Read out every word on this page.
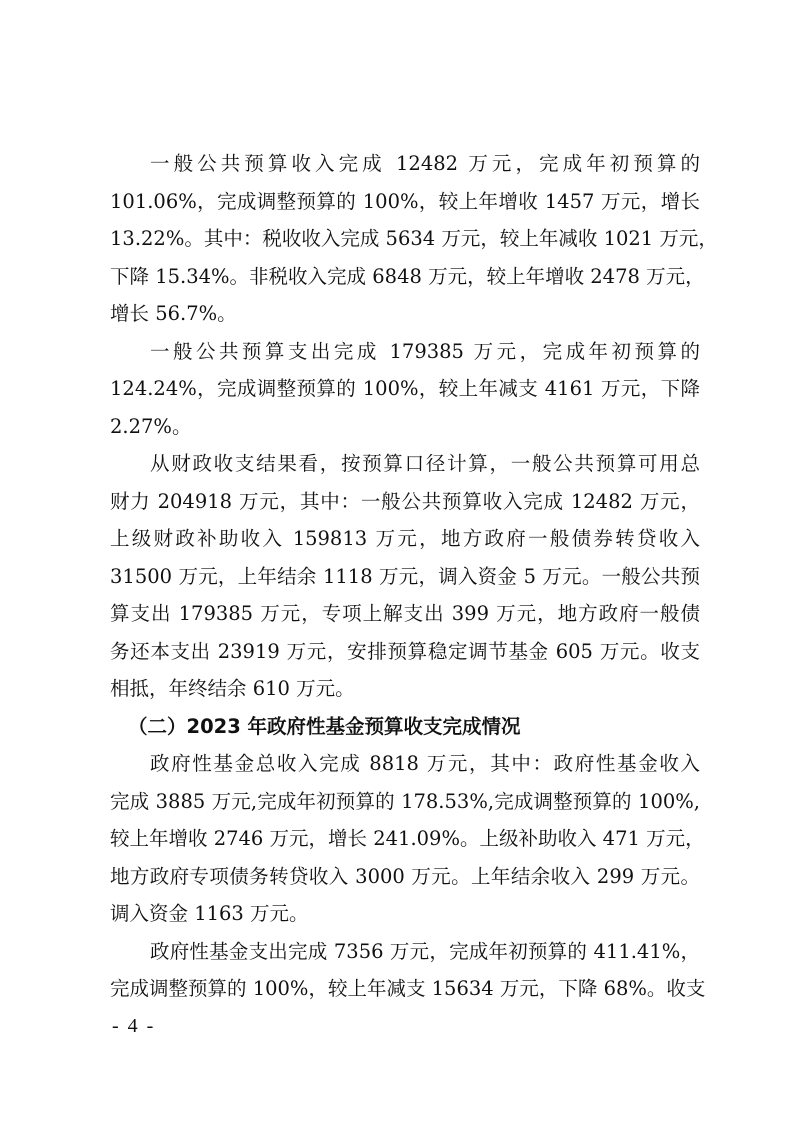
一般公共预算收入完成 12482 万元，完成年初预算的
101.06%，完成调整预算的 100%，较上年增收 1457 万元，增长
13.22%。其中：税收收入完成 5634 万元，较上年减收 1021 万元，
下降 15.34%。非税收入完成 6848 万元，较上年增收 2478 万元，
增长 56.7%。
一般公共预算支出完成 179385 万元，完成年初预算的
124.24%，完成调整预算的 100%，较上年减支 4161 万元，下降
2.27%。
从财政收支结果看，按预算口径计算，一般公共预算可用总
财力 204918 万元，其中：一般公共预算收入完成 12482 万元，
上级财政补助收入 159813 万元，地方政府一般债券转贷收入
31500 万元，上年结余 1118 万元，调入资金 5 万元。一般公共预
算支出 179385 万元，专项上解支出 399 万元，地方政府一般债
务还本支出 23919 万元，安排预算稳定调节基金 605 万元。收支
相抵，年终结余 610 万元。
（二）2023 年政府性基金预算收支完成情况
政府性基金总收入完成 8818 万元，其中：政府性基金收入
完成 3885 万元,完成年初预算的 178.53%,完成调整预算的 100%,
较上年增收 2746 万元，增长 241.09%。上级补助收入 471 万元，
地方政府专项债务转贷收入 3000 万元。上年结余收入 299 万元。
调入资金 1163 万元。
政府性基金支出完成 7356 万元，完成年初预算的 411.41%，
完成调整预算的 100%，较上年减支 15634 万元，下降 68%。收支
- 4 -
